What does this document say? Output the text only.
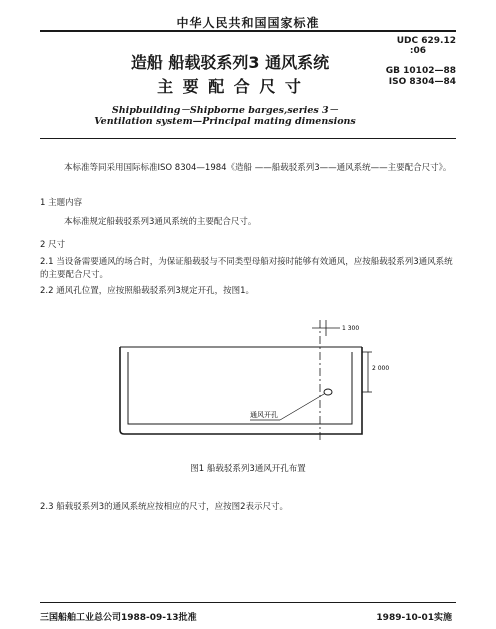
中华人民共和国国家标准
UDC 629.12
:06
GB 10102—88
ISO 8304—84
造船 船载驳系列3 通风系统
主 要 配 合 尺 寸
Shipbuilding－Shipborne barges,series 3－
Ventilation system—Principal mating dimensions
本标准等同采用国际标准ISO 8304—1984《造船 ——船载驳系列3——通风系统——主要配合尺寸》。
1 主题内容
本标准规定船载驳系列3通风系统的主要配合尺寸。
2 尺寸
2.1 当设备需要通风的场合时，为保证船载驳与不同类型母船对接时能够有效通风，应按船载驳系列3通风系统的主要配合尺寸。
2.2 通风孔位置，应按照船载驳系列3规定开孔，按图1。
1 300
2 000
通风开孔
图1 船载驳系列3通风开孔布置
2.3 船载驳系列3的通风系统应按相应的尺寸，应按图2表示尺寸。
三国船舶工业总公司1988-09-13批准	1989-10-01实施
